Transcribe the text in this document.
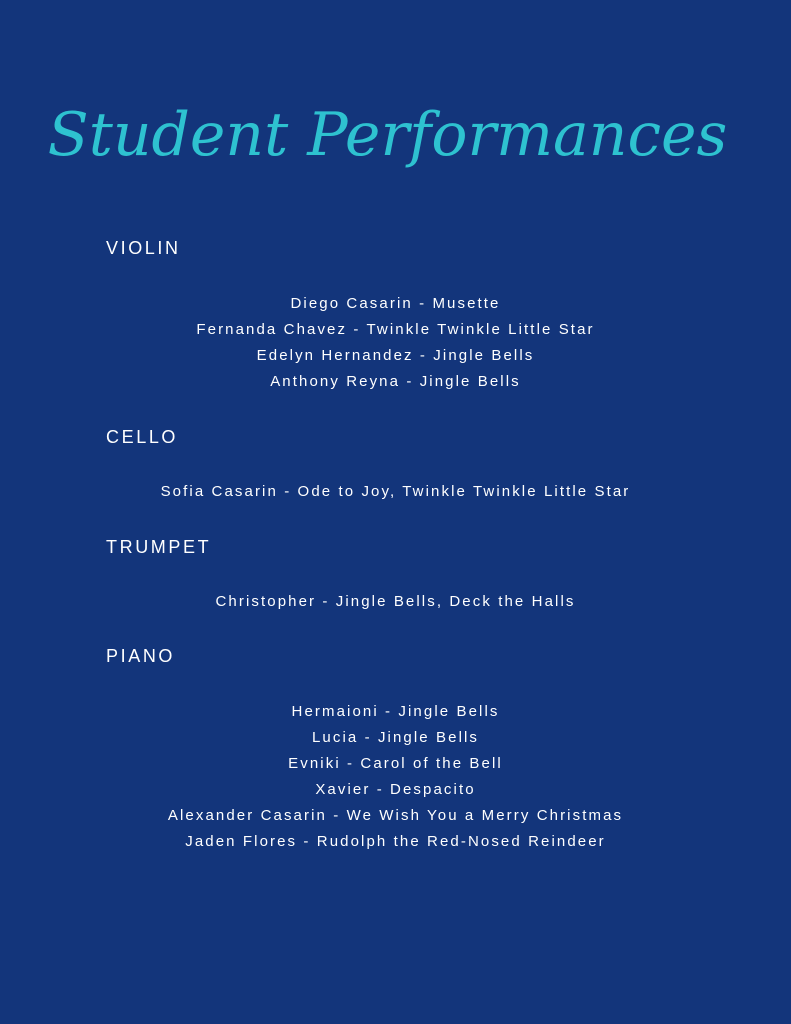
Student Performances
VIOLIN
Diego Casarin - Musette
Fernanda Chavez - Twinkle Twinkle Little Star
Edelyn Hernandez - Jingle Bells
Anthony Reyna - Jingle Bells
CELLO
Sofia Casarin - Ode to Joy, Twinkle Twinkle Little Star
TRUMPET
Christopher - Jingle Bells, Deck the Halls
PIANO
Hermaioni - Jingle Bells
Lucia - Jingle Bells
Evniki - Carol of the Bell
Xavier - Despacito
Alexander Casarin - We Wish You a Merry Christmas
Jaden Flores - Rudolph the Red-Nosed Reindeer
